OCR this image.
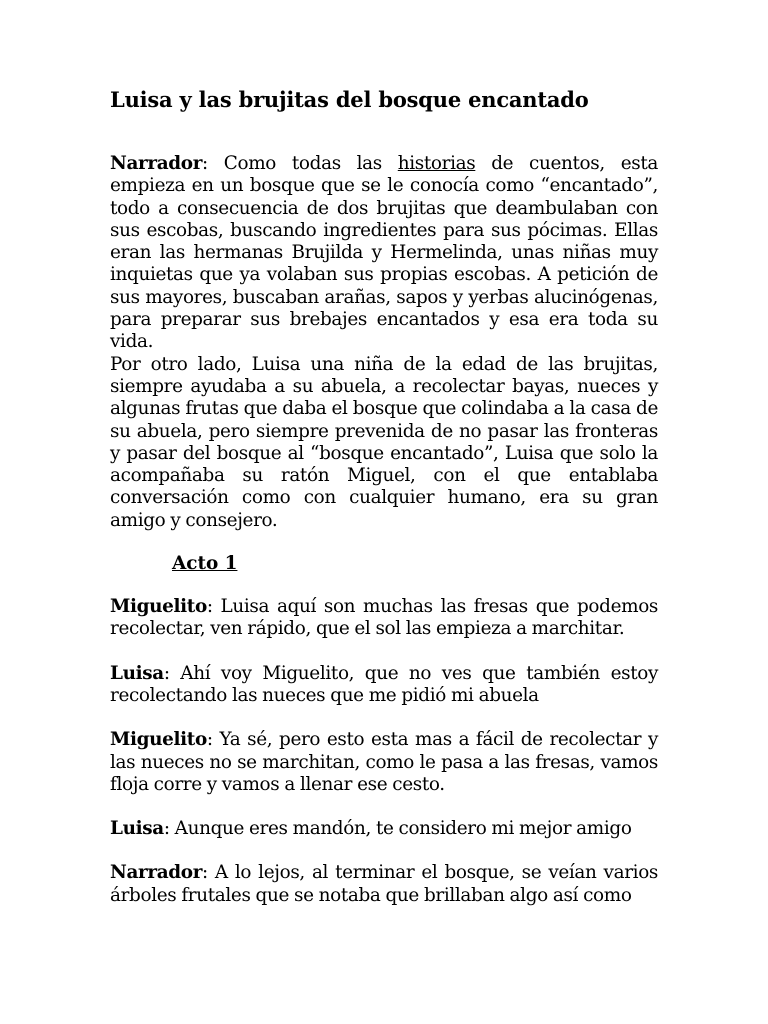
Luisa y las brujitas del bosque encantado

Narrador: Como todas las historias de cuentos, esta empieza en un bosque que se le conocía como “encantado”, todo a consecuencia de dos brujitas que deambulaban con sus escobas, buscando ingredientes para sus pócimas. Ellas eran las hermanas Brujilda y Hermelinda, unas niñas muy inquietas que ya volaban sus propias escobas. A petición de sus mayores, buscaban arañas, sapos y yerbas alucinógenas, para preparar sus brebajes encantados y esa era toda su vida.

Por otro lado, Luisa una niña de la edad de las brujitas, siempre ayudaba a su abuela, a recolectar bayas, nueces y algunas frutas que daba el bosque que colindaba a la casa de su abuela, pero siempre prevenida de no pasar las fronteras y pasar del bosque al “bosque encantado”, Luisa que solo la acompañaba su ratón Miguel, con el que entablaba conversación como con cualquier humano, era su gran amigo y consejero.

Acto 1

Miguelito: Luisa aquí son muchas las fresas que podemos recolectar, ven rápido, que el sol las empieza a marchitar.

Luisa: Ahí voy Miguelito, que no ves que también estoy recolectando las nueces que me pidió mi abuela

Miguelito: Ya sé, pero esto esta mas a fácil de recolectar y las nueces no se marchitan, como le pasa a las fresas, vamos floja corre y vamos a llenar ese cesto.

Luisa: Aunque eres mandón, te considero mi mejor amigo

Narrador: A lo lejos, al terminar el bosque, se veían varios árboles frutales que se notaba que brillaban algo así como
